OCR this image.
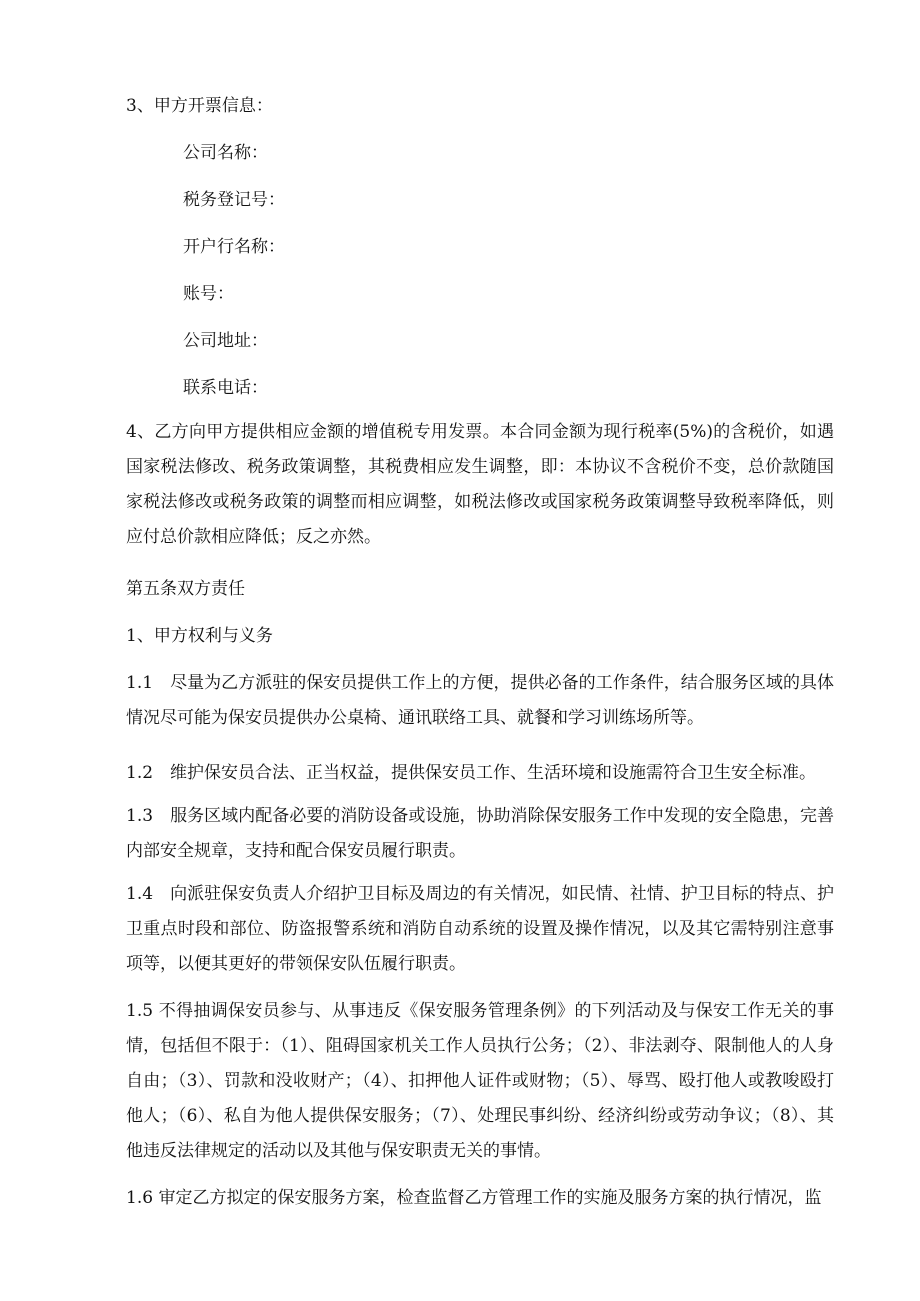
3、甲方开票信息：
公司名称：
税务登记号：
开户行名称：
账号：
公司地址：
联系电话：
4、乙方向甲方提供相应金额的增值税专用发票。本合同金额为现行税率(5%)的含税价，如遇国家税法修改、税务政策调整，其税费相应发生调整，即：本协议不含税价不变，总价款随国家税法修改或税务政策的调整而相应调整，如税法修改或国家税务政策调整导致税率降低，则应付总价款相应降低；反之亦然。
第五条双方责任
1、甲方权利与义务
1.1　尽量为乙方派驻的保安员提供工作上的方便，提供必备的工作条件，结合服务区域的具体情况尽可能为保安员提供办公桌椅、通讯联络工具、就餐和学习训练场所等。
1.2　维护保安员合法、正当权益，提供保安员工作、生活环境和设施需符合卫生安全标准。
1.3　服务区域内配备必要的消防设备或设施，协助消除保安服务工作中发现的安全隐患，完善内部安全规章，支持和配合保安员履行职责。
1.4　向派驻保安负责人介绍护卫目标及周边的有关情况，如民情、社情、护卫目标的特点、护卫重点时段和部位、防盗报警系统和消防自动系统的设置及操作情况，以及其它需特别注意事项等，以便其更好的带领保安队伍履行职责。
1.5 不得抽调保安员参与、从事违反《保安服务管理条例》的下列活动及与保安工作无关的事情，包括但不限于：（1）、阻碍国家机关工作人员执行公务；（2）、非法剥夺、限制他人的人身自由；（3）、罚款和没收财产；（4）、扣押他人证件或财物；（5）、辱骂、殴打他人或教唆殴打他人；（6）、私自为他人提供保安服务；（7）、处理民事纠纷、经济纠纷或劳动争议；（8）、其他违反法律规定的活动以及其他与保安职责无关的事情。
1.6 审定乙方拟定的保安服务方案，检查监督乙方管理工作的实施及服务方案的执行情况，监
